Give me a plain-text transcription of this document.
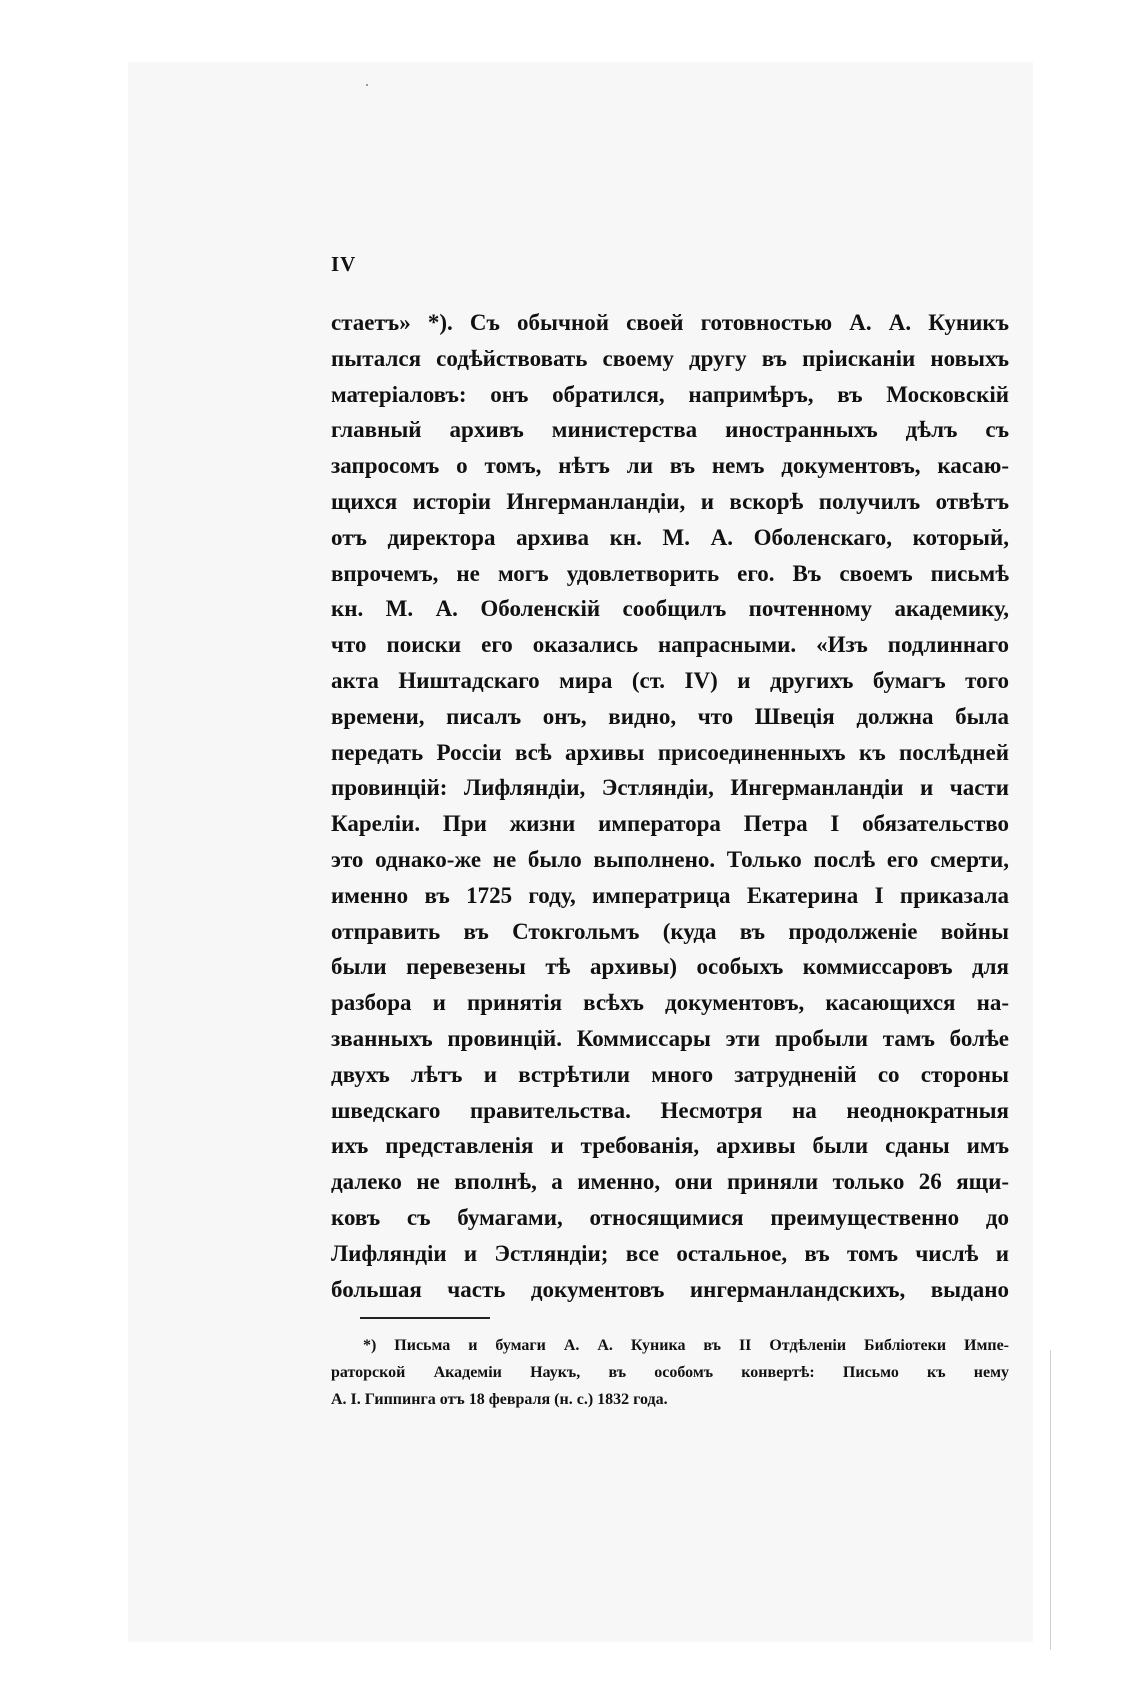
IV
стаетъ» *). Съ обычной своей готовностью А. А. Куникъ
пытался содѣйствовать своему другу въ прiисканiи новыхъ
матерiаловъ: онъ обратился, напримѣръ, въ Московскiй
главный архивъ министерства иностранныхъ дѣлъ съ
запросомъ о томъ, нѣтъ ли въ немъ документовъ, касаю-
щихся исторiи Ингерманландiи, и вскорѣ получилъ отвѣтъ
отъ директора архива кн. М. А. Оболенскаго, который,
впрочемъ, не могъ удовлетворить его. Въ своемъ письмѣ
кн. М. А. Оболенскiй сообщилъ почтенному академику,
что поиски его оказались напрасными. «Изъ подлиннаго
акта Ништадскаго мира (ст. IV) и другихъ бумагъ того
времени, писалъ онъ, видно, что Швецiя должна была
передать Россiи всѣ архивы присоединенныхъ къ послѣдней
провинцiй: Лифляндiи, Эстляндiи, Ингерманландiи и части
Карелiи. При жизни императора Петра I обязательство
это однако-же не было выполнено. Только послѣ его смерти,
именно въ 1725 году, императрица Екатерина I приказала
отправить въ Стокгольмъ (куда въ продолженiе войны
были перевезены тѣ архивы) особыхъ коммиссаровъ для
разбора и принятiя всѣхъ документовъ, касающихся на-
званныхъ провинцiй. Коммиссары эти пробыли тамъ болѣе
двухъ лѣтъ и встрѣтили много затрудненiй со стороны
шведскаго правительства. Несмотря на неоднократныя
ихъ представленiя и требованiя, архивы были сданы имъ
далеко не вполнѣ, а именно, они приняли только 26 ящи-
ковъ съ бумагами, относящимися преимущественно до
Лифляндiи и Эстляндiи; все остальное, въ томъ числѣ и
большая часть документовъ ингерманландскихъ, выдано
*) Письма и бумаги А. А. Куника въ II Отдѣленiи Библiотеки Импе-
раторской Академiи Наукъ, въ особомъ конвертѣ: Письмо къ нему
А. I. Гиппинга отъ 18 февраля (н. с.) 1832 года.
